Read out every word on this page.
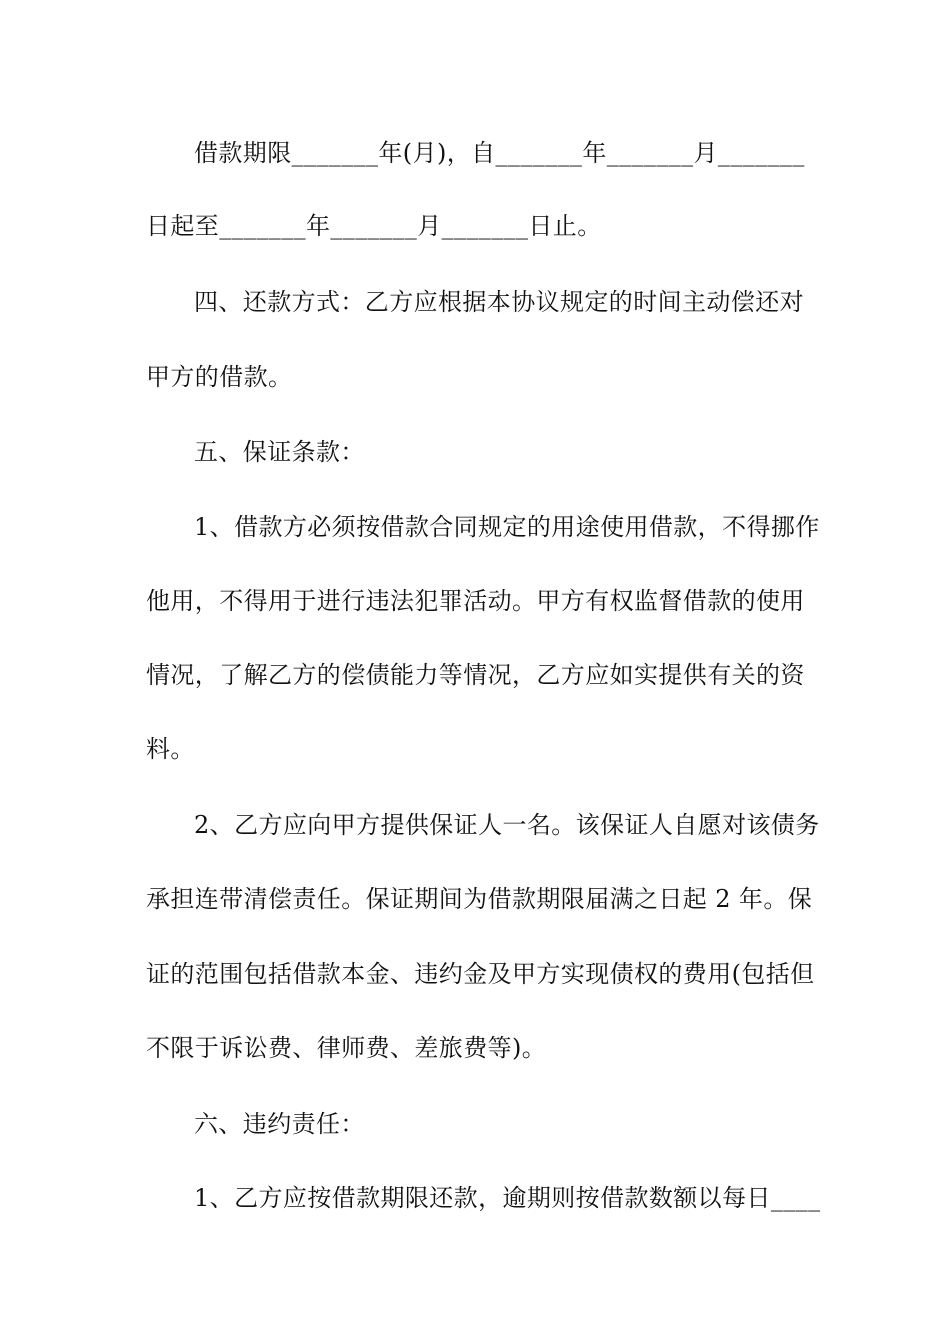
借款期限_______年(月)，自_______年_______月_______
日起至_______年_______月_______日止。
四、还款方式：乙方应根据本协议规定的时间主动偿还对
甲方的借款。
五、保证条款：
1、借款方必须按借款合同规定的用途使用借款，不得挪作
他用，不得用于进行违法犯罪活动。甲方有权监督借款的使用
情况，了解乙方的偿债能力等情况，乙方应如实提供有关的资
料。
2、乙方应向甲方提供保证人一名。该保证人自愿对该债务
承担连带清偿责任。保证期间为借款期限届满之日起 2 年。保
证的范围包括借款本金、违约金及甲方实现债权的费用(包括但
不限于诉讼费、律师费、差旅费等)。
六、违约责任：
1、乙方应按借款期限还款，逾期则按借款数额以每日____
